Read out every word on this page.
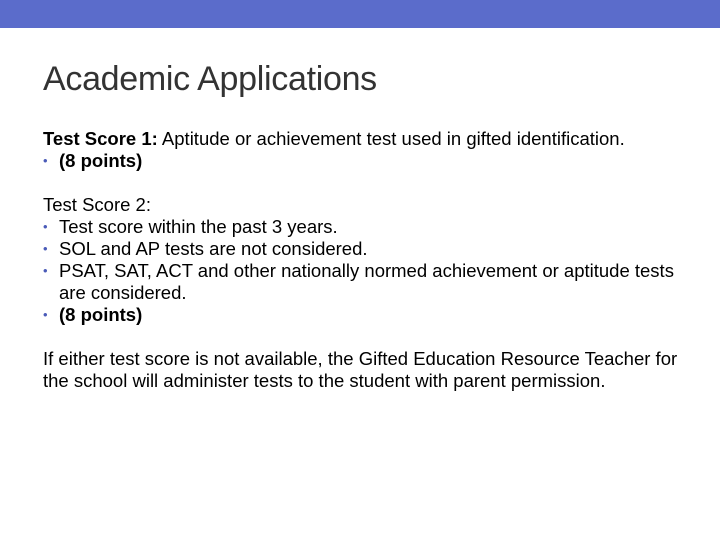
Academic Applications
Test Score 1: Aptitude or achievement test used in gifted identification.
• (8 points)
Test Score 2:
• Test score within the past 3 years.
• SOL and AP tests are not considered.
• PSAT, SAT, ACT and other nationally normed achievement or aptitude tests are considered.
• (8 points)
If either test score is not available, the Gifted Education Resource Teacher for the school will administer tests to the student with parent permission.
